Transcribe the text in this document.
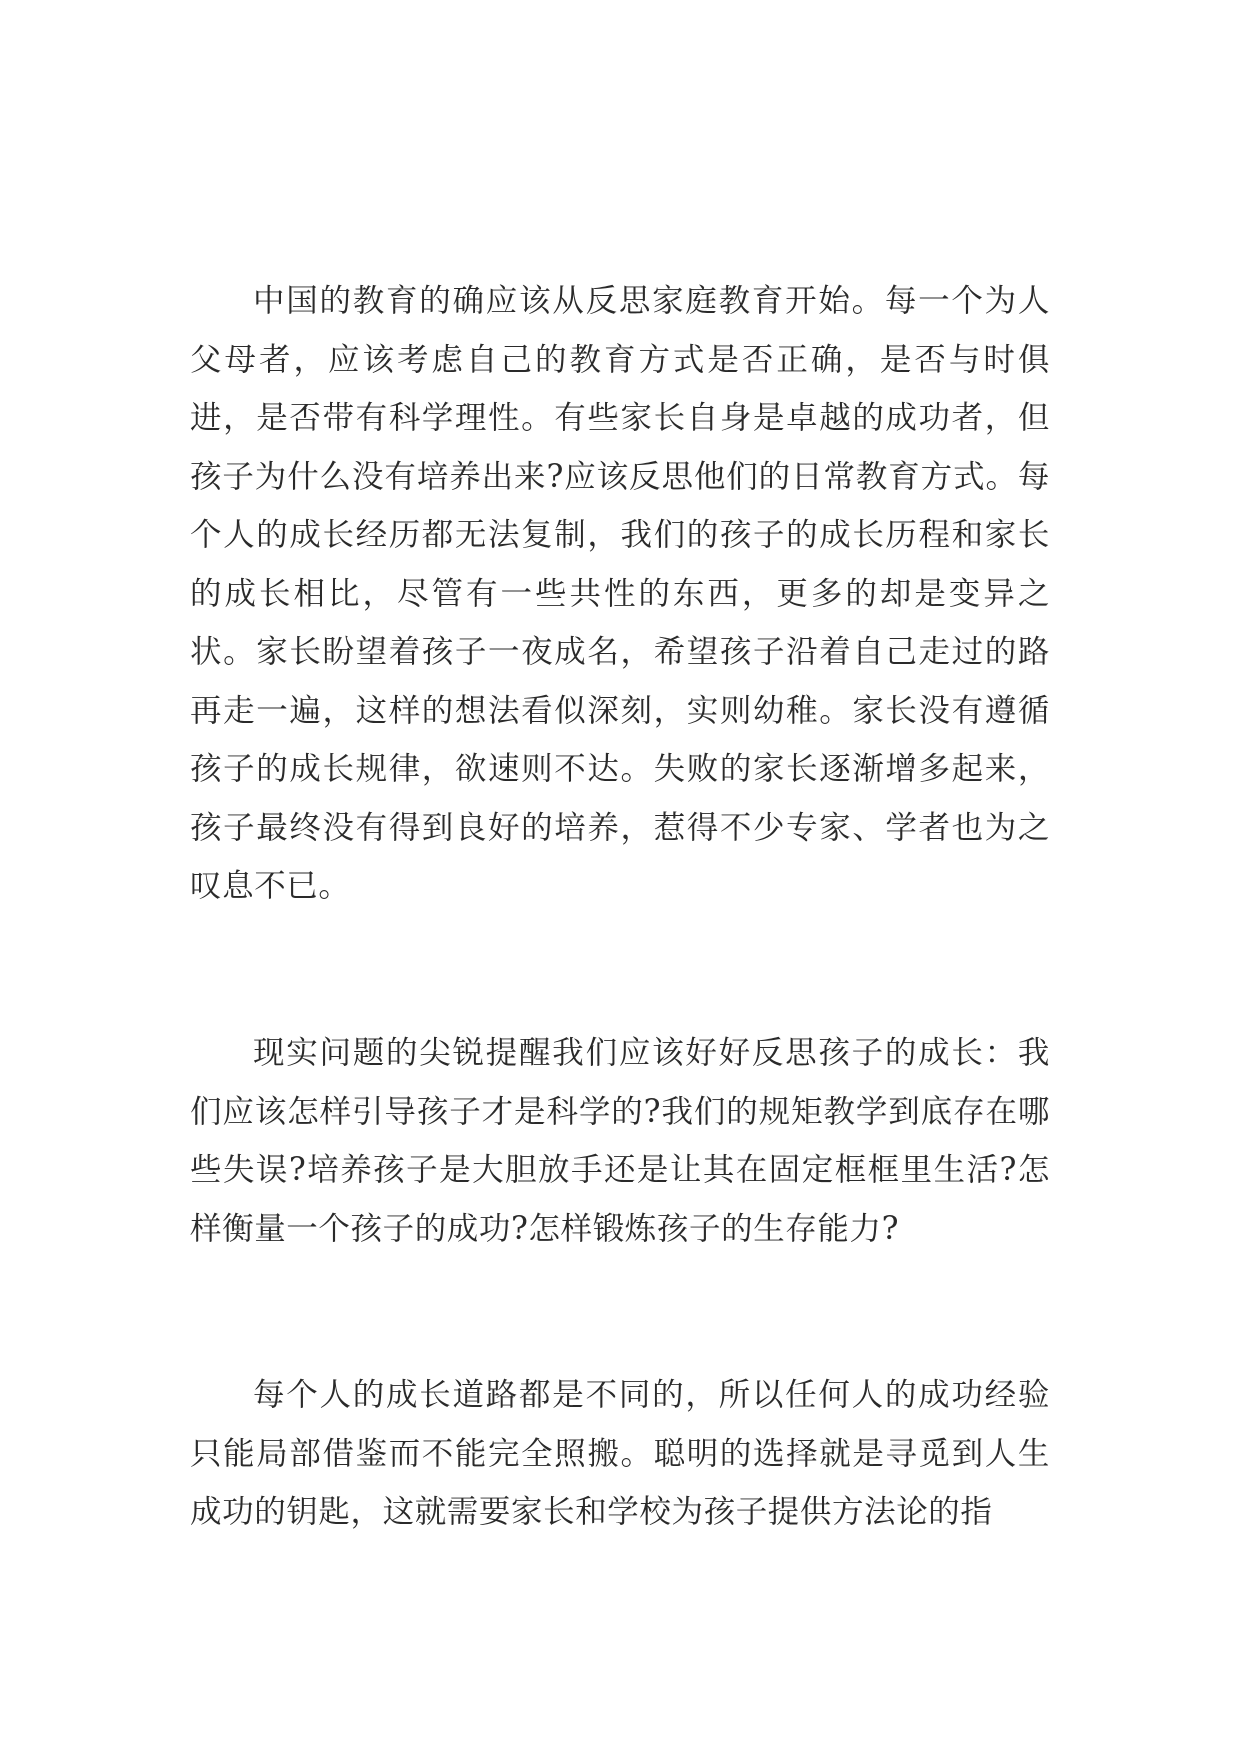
中国的教育的确应该从反思家庭教育开始。每一个为人父母者，应该考虑自己的教育方式是否正确，是否与时俱进，是否带有科学理性。有些家长自身是卓越的成功者，但孩子为什么没有培养出来?应该反思他们的日常教育方式。每个人的成长经历都无法复制，我们的孩子的成长历程和家长的成长相比，尽管有一些共性的东西，更多的却是变异之状。家长盼望着孩子一夜成名，希望孩子沿着自己走过的路再走一遍，这样的想法看似深刻，实则幼稚。家长没有遵循孩子的成长规律，欲速则不达。失败的家长逐渐增多起来，孩子最终没有得到良好的培养，惹得不少专家、学者也为之叹息不已。

现实问题的尖锐提醒我们应该好好反思孩子的成长：我们应该怎样引导孩子才是科学的?我们的规矩教学到底存在哪些失误?培养孩子是大胆放手还是让其在固定框框里生活?怎样衡量一个孩子的成功?怎样锻炼孩子的生存能力?

每个人的成长道路都是不同的，所以任何人的成功经验只能局部借鉴而不能完全照搬。聪明的选择就是寻觅到人生成功的钥匙，这就需要家长和学校为孩子提供方法论的指
